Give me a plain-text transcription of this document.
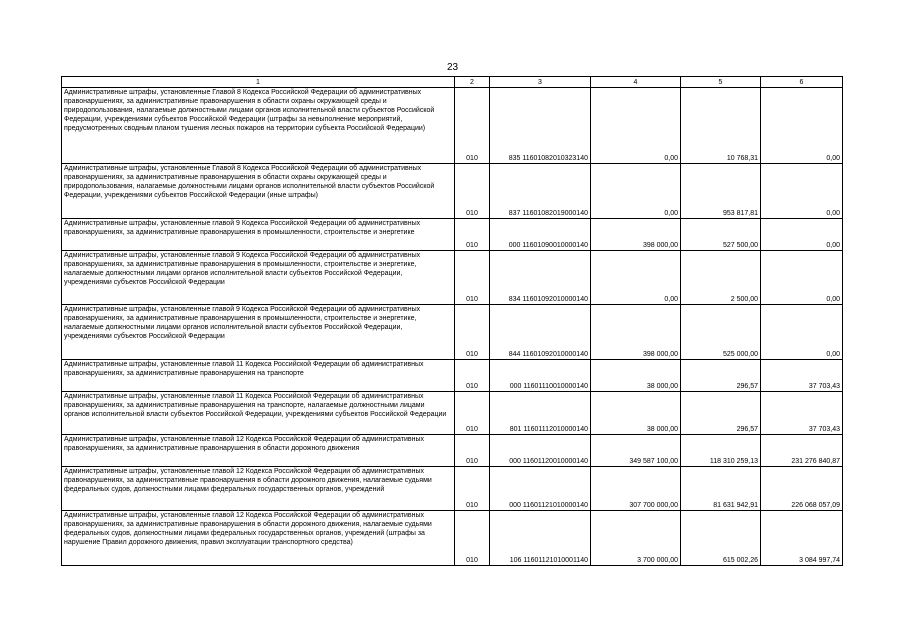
23
1	2	3	4	5	6
Административные штрафы, установленные Главой 8 Кодекса Российской Федерации об административных правонарушениях, за административные правонарушения в области охраны окружающей среды и природопользования, налагаемые должностными лицами органов исполнительной власти субъектов Российской Федерации, учреждениями субъектов Российской Федерации (штрафы за невыполнение мероприятий, предусмотренных сводным планом тушения лесных пожаров на территории субъекта Российской Федерации)	010	835 11601082010323140	0,00	10 768,31	0,00
Административные штрафы, установленные Главой 8 Кодекса Российской Федерации об административных правонарушениях, за административные правонарушения в области охраны окружающей среды и природопользования, налагаемые должностными лицами органов исполнительной власти субъектов Российской Федерации, учреждениями субъектов Российской Федерации (иные штрафы)	010	837 11601082019000140	0,00	953 817,81	0,00
Административные штрафы, установленные главой 9 Кодекса Российской Федерации об административных правонарушениях, за административные правонарушения в промышленности, строительстве и энергетике	010	000 11601090010000140	398 000,00	527 500,00	0,00
Административные штрафы, установленные главой 9 Кодекса Российской Федерации об административных правонарушениях, за административные правонарушения в промышленности, строительстве и энергетике, налагаемые должностными лицами органов исполнительной власти субъектов Российской Федерации, учреждениями субъектов Российской Федерации	010	834 11601092010000140	0,00	2 500,00	0,00
Административные штрафы, установленные главой 9 Кодекса Российской Федерации об административных правонарушениях, за административные правонарушения в промышленности, строительстве и энергетике, налагаемые должностными лицами органов исполнительной власти субъектов Российской Федерации, учреждениями субъектов Российской Федерации	010	844 11601092010000140	398 000,00	525 000,00	0,00
Административные штрафы, установленные главой 11 Кодекса Российской Федерации об административных правонарушениях, за административные правонарушения на транспорте	010	000 11601110010000140	38 000,00	296,57	37 703,43
Административные штрафы, установленные главой 11 Кодекса Российской Федерации об административных правонарушениях, за административные правонарушения на транспорте, налагаемые должностными лицами органов исполнительной власти субъектов Российской Федерации, учреждениями субъектов Российской Федерации	010	801 11601112010000140	38 000,00	296,57	37 703,43
Административные штрафы, установленные главой 12 Кодекса Российской Федерации об административных правонарушениях, за административные правонарушения в области дорожного движения	010	000 11601120010000140	349 587 100,00	118 310 259,13	231 276 840,87
Административные штрафы, установленные главой 12 Кодекса Российской Федерации об административных правонарушениях, за административные правонарушения в области дорожного движения, налагаемые судьями федеральных судов, должностными лицами федеральных государственных органов, учреждений	010	000 11601121010000140	307 700 000,00	81 631 942,91	226 068 057,09
Административные штрафы, установленные главой 12 Кодекса Российской Федерации об административных правонарушениях, за административные правонарушения в области дорожного движения, налагаемые судьями федеральных судов, должностными лицами федеральных государственных органов, учреждений (штрафы за нарушение Правил дорожного движения, правил эксплуатации транспортного средства)	010	106 11601121010001140	3 700 000,00	615 002,26	3 084 997,74
